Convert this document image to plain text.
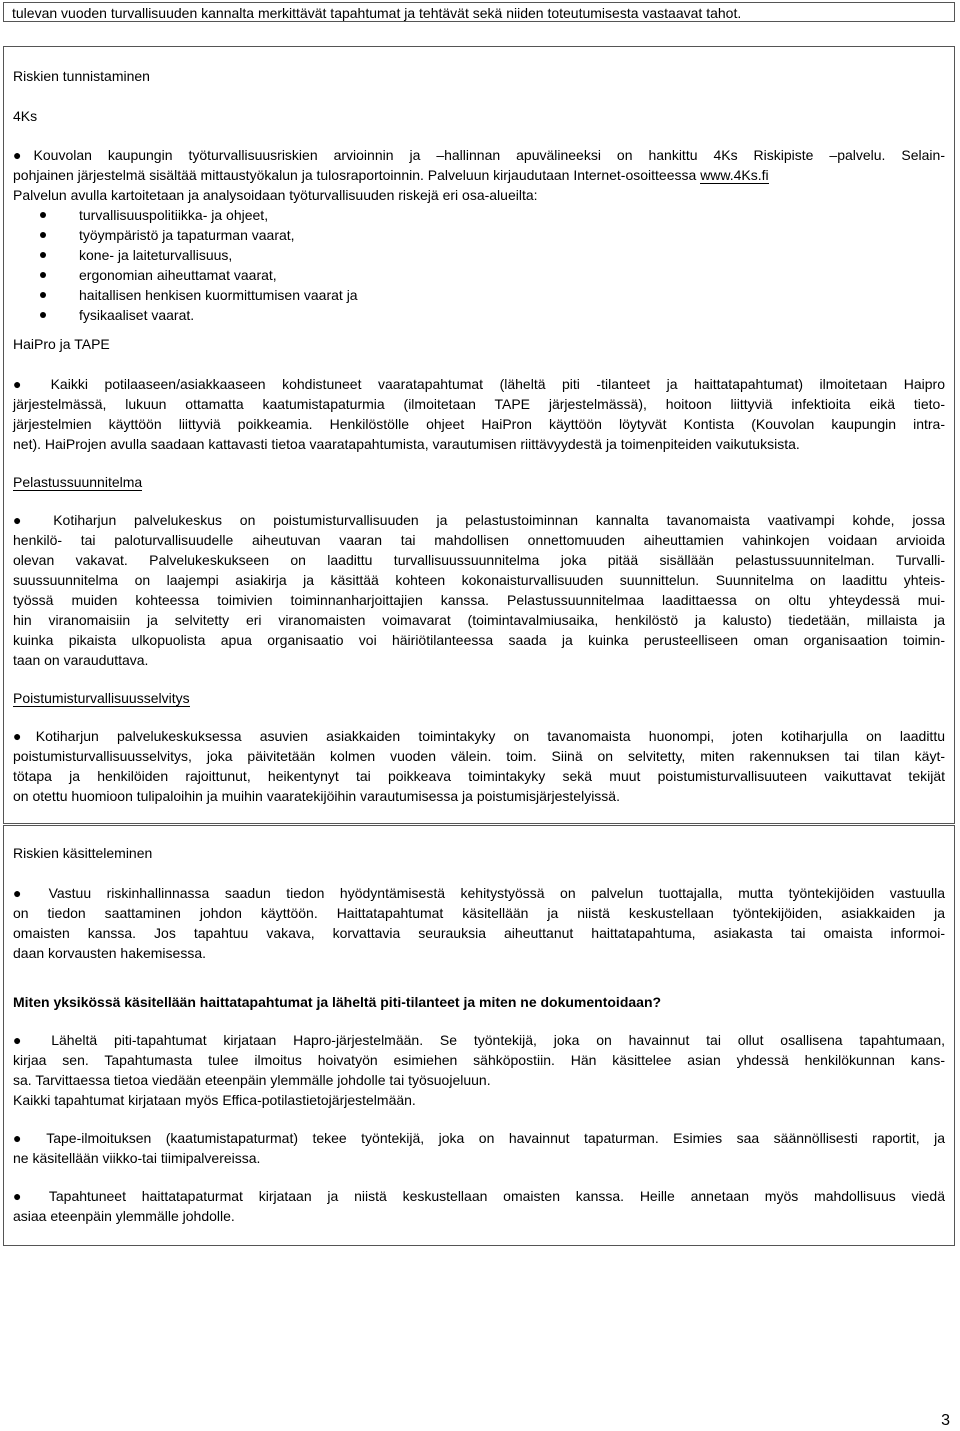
tulevan vuoden turvallisuuden kannalta merkittävät tapahtumat ja tehtävät sekä niiden toteutumisesta vastaavat tahot.

Riskien tunnistaminen

4Ks

●Kouvolan kaupungin työturvallisuusriskien arvioinnin ja –hallinnan apuvälineeksi on hankittu 4Ks Riskipiste –palvelu. Selain-

pohjainen järjestelmä sisältää mittaustyökalun ja tulosraportoinnin. Palveluun kirjaudutaan Internet-osoitteessa www.4Ks.fi

Palvelun avulla kartoitetaan ja analysoidaan työturvallisuuden riskejä eri osa-alueilta:

turvallisuuspolitiikka- ja ohjeet,
työympäristö ja tapaturman vaarat,
kone- ja laiteturvallisuus,
ergonomian aiheuttamat vaarat,
haitallisen henkisen kuormittumisen vaarat ja
fysikaaliset vaarat.

HaiPro ja TAPE

● Kaikki potilaaseen/asiakkaaseen kohdistuneet vaaratapahtumat (läheltä piti -tilanteet ja haittatapahtumat) ilmoitetaan Haipro

järjestelmässä, lukuun ottamatta kaatumistapaturmia (ilmoitetaan TAPE järjestelmässä), hoitoon liittyviä infektioita eikä tieto-

järjestelmien käyttöön liittyviä poikkeamia. Henkilöstölle ohjeet HaiPron käyttöön löytyvät Kontista (Kouvolan kaupungin intra-

net). HaiProjen avulla saadaan kattavasti tietoa vaaratapahtumista, varautumisen riittävyydestä ja toimenpiteiden vaikutuksista.

Pelastussuunnitelma

● Kotiharjun palvelukeskus on poistumisturvallisuuden ja pelastustoiminnan kannalta tavanomaista vaativampi kohde, jossa

henkilö- tai paloturvallisuudelle aiheutuvan vaaran tai mahdollisen onnettomuuden aiheuttamien vahinkojen voidaan arvioida

olevan vakavat. Palvelukeskukseen on laadittu turvallisuussuunnitelma joka pitää sisällään pelastussuunnitelman. Turvalli-

suussuunnitelma on laajempi asiakirja ja käsittää kohteen kokonaisturvallisuuden suunnittelun. Suunnitelma on laadittu yhteis-

työssä muiden kohteessa toimivien toiminnanharjoittajien kanssa. Pelastussuunnitelmaa laadittaessa on oltu yhteydessä mui-

hin viranomaisiin ja selvitetty eri viranomaisten voimavarat (toimintavalmiusaika, henkilöstö ja kalusto) tiedetään, millaista ja

kuinka pikaista ulkopuolista apua organisaatio voi häiriötilanteessa saada ja kuinka perusteelliseen oman organisaation toimin-

taan on varauduttava.

Poistumisturvallisuusselvitys

●Kotiharjun palvelukeskuksessa asuvien asiakkaiden toimintakyky on tavanomaista huonompi, joten kotiharjulla on laadittu

poistumisturvallisuusselvitys, joka päivitetään kolmen vuoden välein. toim. Siinä on selvitetty, miten rakennuksen tai tilan käyt-

tötapa ja henkilöiden rajoittunut, heikentynyt tai poikkeava toimintakyky sekä muut poistumisturvallisuuteen vaikuttavat tekijät

on otettu huomioon tulipaloihin ja muihin vaaratekijöihin varautumisessa ja poistumisjärjestelyissä.

Riskien käsitteleminen

● Vastuu riskinhallinnassa saadun tiedon hyödyntämisestä kehitystyössä on palvelun tuottajalla, mutta työntekijöiden vastuulla

on tiedon saattaminen johdon käyttöön. Haittatapahtumat käsitellään ja niistä keskustellaan työntekijöiden, asiakkaiden ja

omaisten kanssa. Jos tapahtuu vakava, korvattavia seurauksia aiheuttanut haittatapahtuma, asiakasta tai omaista informoi-

daan korvausten hakemisessa.

Miten yksikössä käsitellään haittatapahtumat ja läheltä piti-tilanteet ja miten ne dokumentoidaan?

● Läheltä piti-tapahtumat kirjataan Hapro-järjestelmään. Se työntekijä, joka on havainnut tai ollut osallisena tapahtumaan,

kirjaa sen. Tapahtumasta tulee ilmoitus hoivatyön esimiehen sähköpostiin. Hän käsittelee asian yhdessä henkilökunnan kans-

sa. Tarvittaessa tietoa viedään eteenpäin ylemmälle johdolle tai työsuojeluun.

Kaikki tapahtumat kirjataan myös Effica-potilastietojärjestelmään.

● Tape-ilmoituksen (kaatumistapaturmat) tekee työntekijä, joka on havainnut tapaturman. Esimies saa säännöllisesti raportit, ja

ne käsitellään viikko-tai tiimipalvereissa.

● Tapahtuneet haittatapaturmat kirjataan ja niistä keskustellaan omaisten kanssa. Heille annetaan myös mahdollisuus viedä

asiaa eteenpäin ylemmälle johdolle.

3
